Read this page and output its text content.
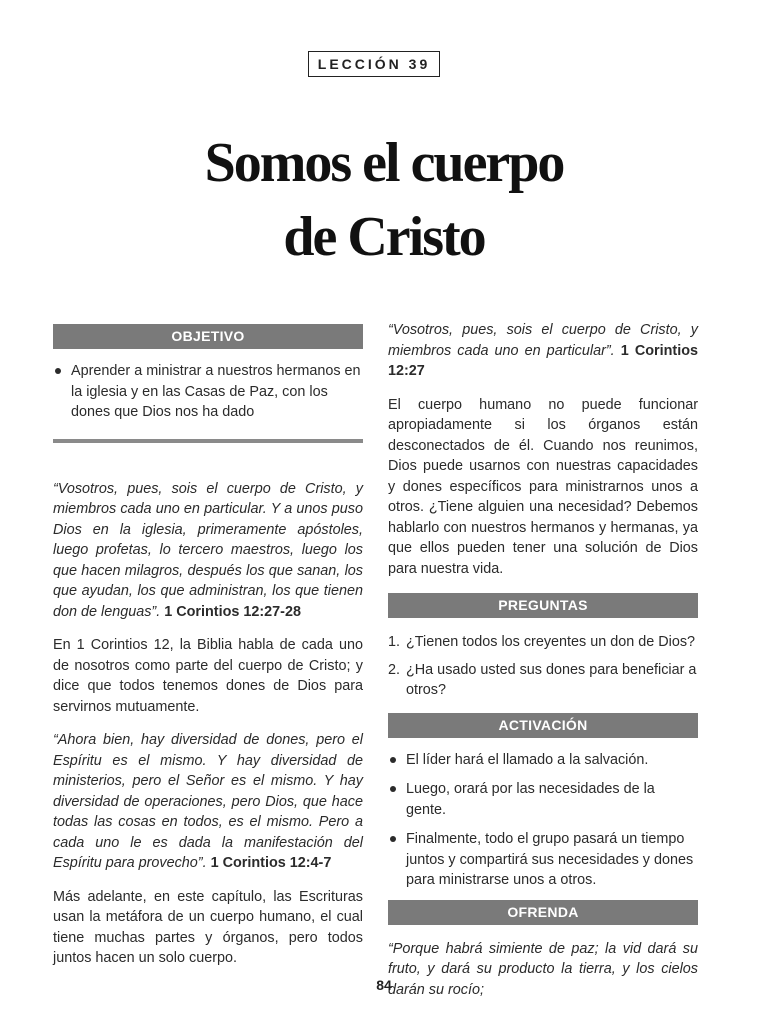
LECCIÓN 39
Somos el cuerpo
de Cristo
OBJETIVO
Aprender a ministrar a nuestros hermanos en la iglesia y en las Casas de Paz, con los dones que Dios nos ha dado

“Vosotros, pues, sois el cuerpo de Cristo, y miembros cada uno en particular. Y a unos puso Dios en la iglesia, primeramente apóstoles, luego profetas, lo tercero maestros, luego los que hacen milagros, después los que sanan, los que ayudan, los que administran, los que tienen don de lenguas”. 1 Corintios 12:27-28

En 1 Corintios 12, la Biblia habla de cada uno de nosotros como parte del cuerpo de Cristo; y dice que todos tenemos dones de Dios para servirnos mutuamente.

“Ahora bien, hay diversidad de dones, pero el Espíritu es el mismo. Y hay diversidad de ministerios, pero el Señor es el mismo. Y hay diversidad de operaciones, pero Dios, que hace todas las cosas en todos, es el mismo. Pero a cada uno le es dada la manifestación del Espíritu para provecho”. 1 Corintios 12:4-7

Más adelante, en este capítulo, las Escrituras usan la metáfora de un cuerpo humano, el cual tiene muchas partes y órganos, pero todos juntos hacen un solo cuerpo.

“Vosotros, pues, sois el cuerpo de Cristo, y miembros cada uno en particular”. 1 Corintios 12:27

El cuerpo humano no puede funcionar apropiadamente si los órganos están desconectados de él. Cuando nos reunimos, Dios puede usarnos con nuestras capacidades y dones específicos para ministrarnos unos a otros. ¿Tiene alguien una necesidad? Debemos hablarlo con nuestros hermanos y hermanas, ya que ellos pueden tener una solución de Dios para nuestra vida.

PREGUNTAS
1. ¿Tienen todos los creyentes un don de Dios?
2. ¿Ha usado usted sus dones para beneficiar a otros?
ACTIVACIÓN
El líder hará el llamado a la salvación.
Luego, orará por las necesidades de la gente.
Finalmente, todo el grupo pasará un tiempo juntos y compartirá sus necesidades y dones para ministrarse unos a otros.
OFRENDA

“Porque habrá simiente de paz; la vid dará su fruto, y dará su producto la tierra, y los cielos darán su rocío;

84
